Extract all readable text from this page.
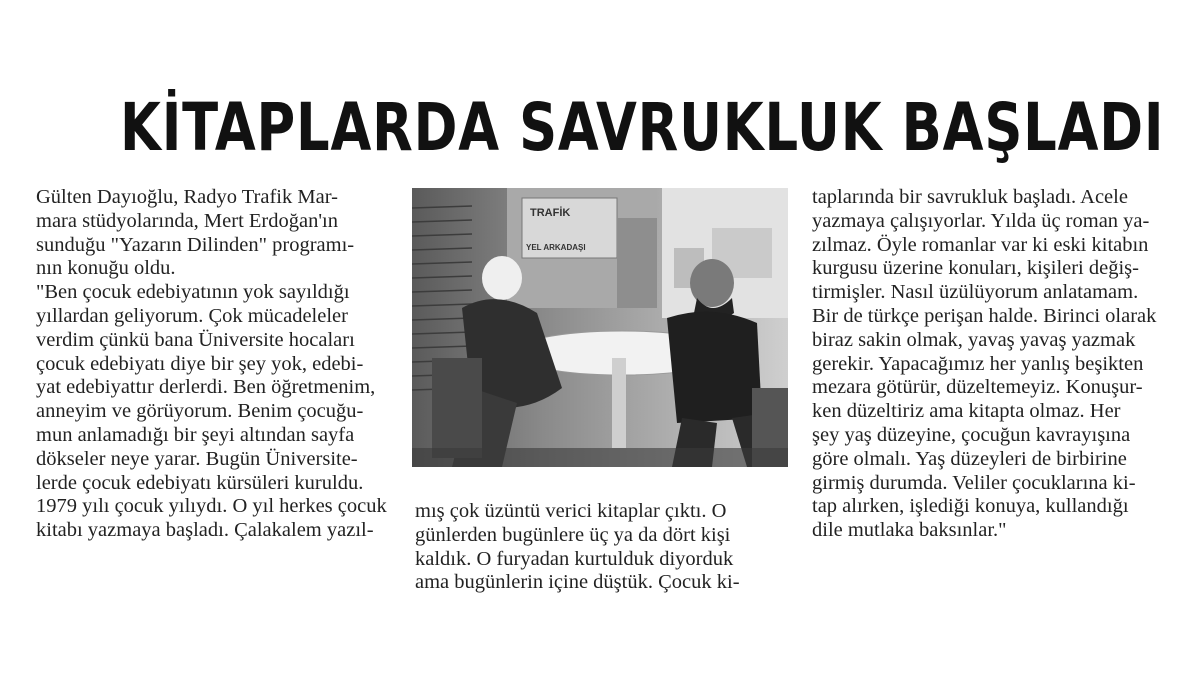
KİTAPLARDA SAVRUKLUK BAŞLADI

Gülten Dayıoğlu, Radyo Trafik Mar-

mara stüdyolarında, Mert Erdoğan'ın

sunduğu "Yazarın Dilinden" programı-

nın konuğu oldu.

"Ben çocuk edebiyatının yok sayıldığı

yıllardan geliyorum. Çok mücadeleler

verdim çünkü bana Üniversite hocaları

çocuk edebiyatı diye bir şey yok, edebi-

yat edebiyattır derlerdi. Ben öğretmenim,

anneyim ve görüyorum. Benim çocuğu-

mun anlamadığı bir şeyi altından sayfa

dökseler neye yarar. Bugün Üniversite-

lerde çocuk edebiyatı kürsüleri kuruldu.

1979 yılı çocuk yılıydı. O yıl herkes çocuk

kitabı yazmaya başladı. Çalakalem yazıl-

TRAFİK
YEL ARKADAŞI

mış çok üzüntü verici kitaplar çıktı. O

günlerden bugünlere üç ya da dört kişi

kaldık. O furyadan kurtulduk diyorduk

ama bugünlerin içine düştük. Çocuk ki-

taplarında bir savrukluk başladı. Acele

yazmaya çalışıyorlar. Yılda üç roman ya-

zılmaz. Öyle romanlar var ki eski kitabın

kurgusu üzerine konuları, kişileri değiş-

tirmişler. Nasıl üzülüyorum anlatamam.

Bir de türkçe perişan halde. Birinci olarak

biraz sakin olmak, yavaş yavaş yazmak

gerekir. Yapacağımız her yanlış beşikten

mezara götürür, düzeltemeyiz. Konuşur-

ken düzeltiriz ama kitapta olmaz. Her

şey yaş düzeyine, çocuğun kavrayışına

göre olmalı. Yaş düzeyleri de birbirine

girmiş durumda. Veliler çocuklarına ki-

tap alırken, işlediği konuya, kullandığı

dile mutlaka baksınlar."
